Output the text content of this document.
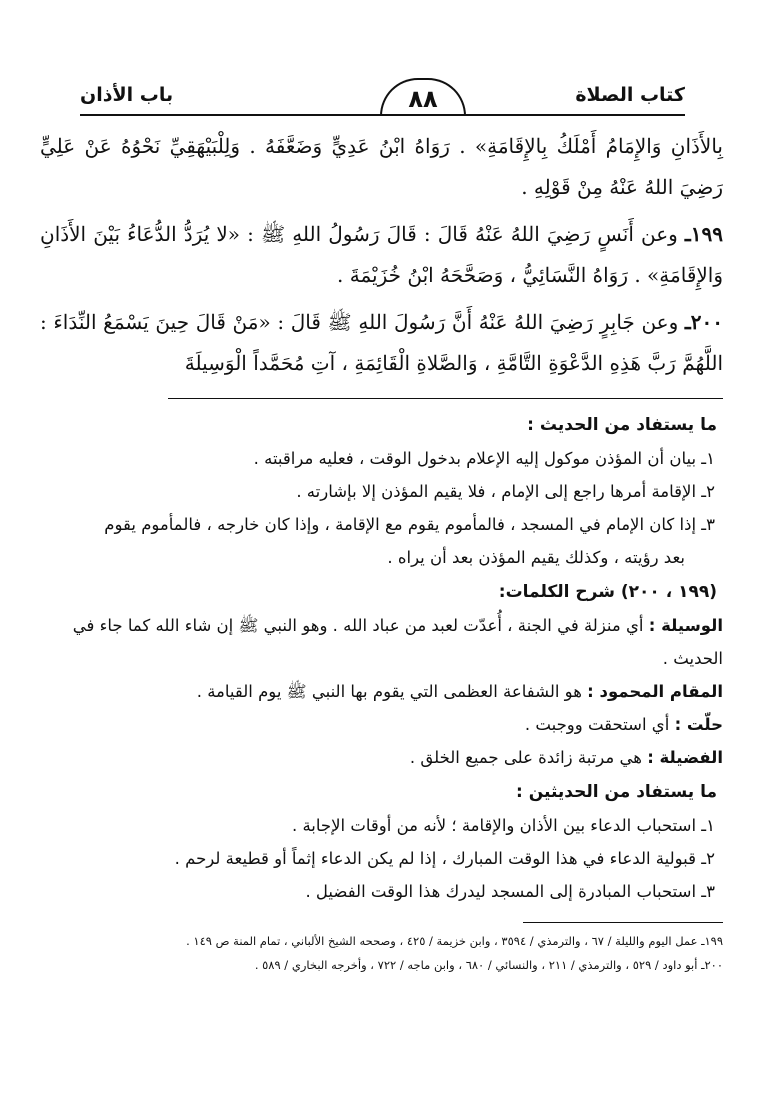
كتاب الصلاة
٨٨
باب الأذان

بِالأَذَانِ وَالإِمَامُ أَمْلَكُ بِالإِقَامَةِ» . رَوَاهُ ابْنُ عَدِيٍّ وَضَعَّفَهُ . وَلِلْبَيْهَقِيِّ نَحْوُهُ عَنْ عَلِيٍّ رَضِيَ اللهُ عَنْهُ مِنْ قَوْلِهِ .

١٩٩ـ وعن أَنَسٍ رَضِيَ اللهُ عَنْهُ قَالَ : قَالَ رَسُولُ اللهِ ﷺ : «لا يُرَدُّ الدُّعَاءُ بَيْنَ الأَذَانِ وَالإِقَامَةِ» . رَوَاهُ النَّسَائِيُّ ، وَصَحَّحَهُ ابْنُ خُزَيْمَةَ .

٢٠٠ـ وعن جَابِرٍ رَضِيَ اللهُ عَنْهُ أَنَّ رَسُولَ اللهِ ﷺ قَالَ : «مَنْ قَالَ حِينَ يَسْمَعُ النِّدَاءَ : اللَّهُمَّ رَبَّ هَذِهِ الدَّعْوَةِ التَّامَّةِ ، وَالصَّلاةِ الْقَائِمَةِ ، آتِ مُحَمَّداً الْوَسِيلَةَ

ما يستفاد من الحديث :

١ـ بيان أن المؤذن موكول إليه الإعلام بدخول الوقت ، فعليه مراقبته .

٢ـ الإقامة أمرها راجع إلى الإمام ، فلا يقيم المؤذن إلا بإشارته .

٣ـ إذا كان الإمام في المسجد ، فالمأموم يقوم مع الإقامة ، وإذا كان خارجه ، فالمأموم يقوم

بعد رؤيته ، وكذلك يقيم المؤذن بعد أن يراه .

(١٩٩ ، ٢٠٠) شرح الكلمات:

الوسيلة : أي منزلة في الجنة ، أُعدّت لعبد من عباد الله . وهو النبي ﷺ إن شاء الله كما جاء في الحديث .

المقام المحمود : هو الشفاعة العظمى التي يقوم بها النبي ﷺ يوم القيامة .

حلّت : أي استحقت ووجبت .

الفضيلة : هي مرتبة زائدة على جميع الخلق .

ما يستفاد من الحديثين :

١ـ استحباب الدعاء بين الأذان والإقامة ؛ لأنه من أوقات الإجابة .

٢ـ قبولية الدعاء في هذا الوقت المبارك ، إذا لم يكن الدعاء إثماً أو قطيعة لرحم .

٣ـ استحباب المبادرة إلى المسجد ليدرك هذا الوقت الفضيل .

١٩٩ـ عمل اليوم والليلة / ٦٧ ، والترمذي / ٣٥٩٤ ، وابن خزيمة / ٤٢٥ ، وصححه الشيخ الألباني ، تمام المنة ص ١٤٩ .

٢٠٠ـ أبو داود / ٥٢٩ ، والترمذي / ٢١١ ، والنسائي / ٦٨٠ ، وابن ماجه / ٧٢٢ ، وأخرجه البخاري / ٥٨٩ .
